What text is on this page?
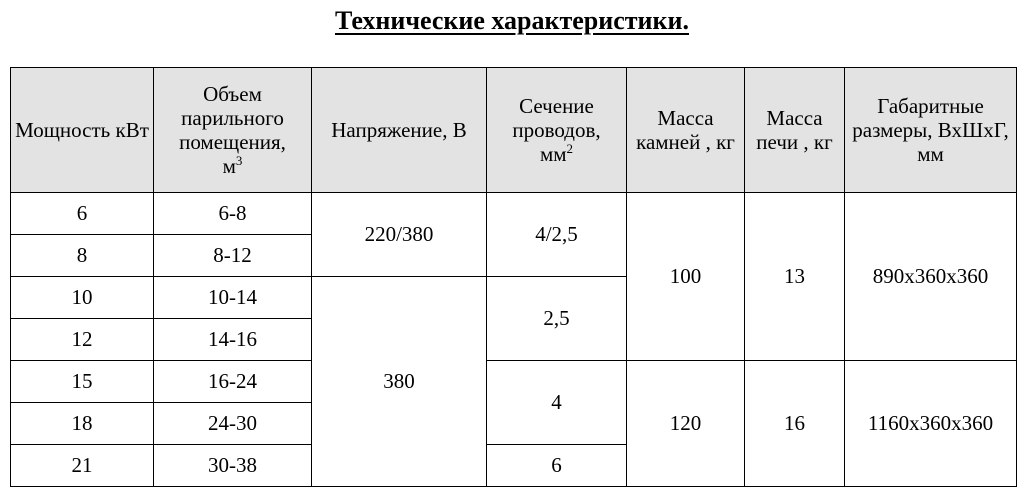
Технические характеристики.
Мощность кВт	Объем парильного помещения,
$м^3$	Напряжение, В	Сечение проводов,
$мм^2$	Масса камней , кг	Масса печи , кг	Габаритные размеры, ВхШхГ, мм
6	6-8	220/380	4/2,5	100	13	890х360х360
8	8-12					
10	10-14	380	2,5			
12	14-16					
15	16-24		4	120	16	1160х360х360
18	24-30					
21	30-38		6			
